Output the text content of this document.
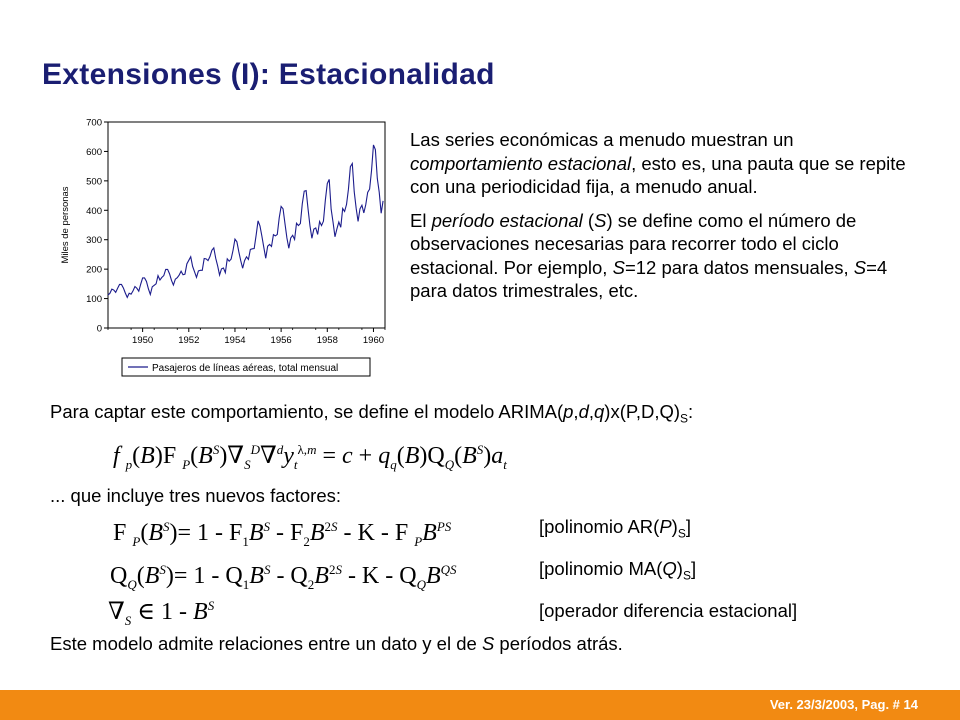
Extensiones (I): Estacionalidad
0
100
200
300
400
500
600
700
1950	1952	1954	1956	1958	1960
Miles de personas
Pasajeros de líneas aéreas, total mensual

Las series económicas a menudo muestran un comportamiento estacional, esto es, una pauta que se repite con una periodicidad fija, a menudo anual.

El período estacional (S) se define como el número de observaciones necesarias para recorrer todo el ciclo estacional. Por ejemplo, S=12 para datos mensuales, S=4 para datos trimestrales, etc.

Para captar este comportamiento, se define el modelo $ARIMA(p,d,q)x(P,D,Q)_S$:
f $_p$(B)F $_P(B^S)\nabla_S^D\nabla^dy_t^{\lambda,m} = c + q_q(B)Q_Q(B^S)a_t$
... que incluye tres nuevos factores:
F $_P(B^S)= 1 - F_1B^S - F_2B^{2S} - K - F$ $_PB^{PS}$
$Q_Q(B^S)= 1 - Q_1B^S - Q_2B^{2S} - K - Q_QB^{QS}$
$\nabla_S$ ∈ $1 - B^S$
[polinomio $AR(P)_S$]
[polinomio $MA(Q)_S$]
[operador diferencia estacional]
Este modelo admite relaciones entre un dato y el de S períodos atrás.
Ver. 23/3/2003, Pag. # 14
